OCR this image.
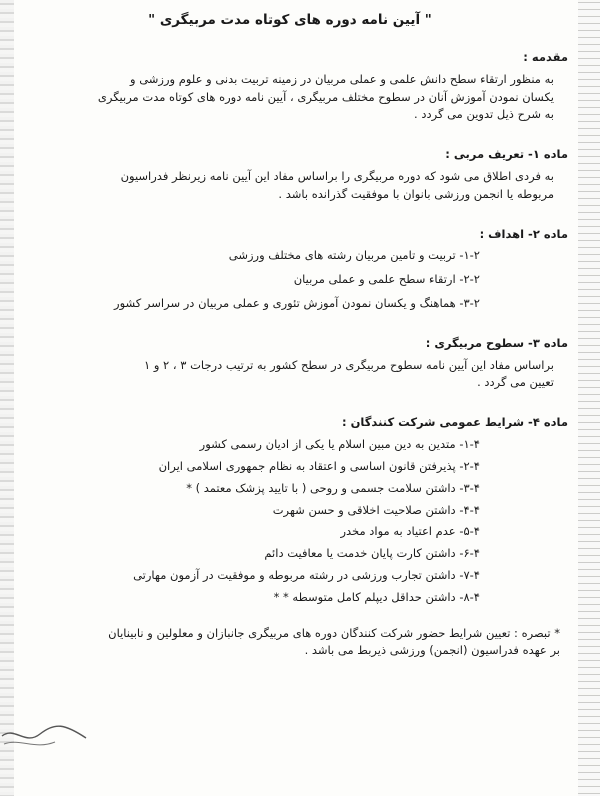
" آیین نامه دوره های کوتاه مدت مربیگری "
مقدمه :
به منظور ارتقاء سطح دانش علمی و عملی مربیان در زمینه تربیت بدنی و علوم ورزشی و
یکسان نمودن آموزش آنان در سطوح مختلف مربیگری ، آیین نامه دوره های کوتاه مدت مربیگری
به شرح ذیل تدوین می گردد .
ماده ۱- تعریف مربی :
به فردی اطلاق می شود که دوره مربیگری را براساس مفاد این آیین نامه زیرنظر فدراسیون
مربوطه یا انجمن ورزشی بانوان با موفقیت گذرانده باشد .
ماده ۲- اهداف :
۱-۲- تربیت و تامین مربیان رشته های مختلف ورزشی
۲-۲- ارتقاء سطح علمی و عملی مربیان
۳-۲- هماهنگ و یکسان نمودن آموزش تئوری و عملی مربیان در سراسر کشور
ماده ۳- سطوح مربیگری :
براساس مفاد این آیین نامه سطوح مربیگری در سطح کشور به ترتیب درجات ۳ ، ۲ و ۱
تعیین می گردد .
ماده ۴- شرایط عمومی شرکت کنندگان :
۱-۴- متدین به دین مبین اسلام یا یکی از ادیان رسمی کشور
۲-۴- پذیرفتن قانون اساسی و اعتقاد به نظام جمهوری اسلامی ایران
۳-۴- داشتن سلامت جسمی و روحی ( با تایید پزشک معتمد ) *
۴-۴- داشتن صلاحیت اخلاقی و حسن شهرت
۵-۴- عدم اعتیاد به مواد مخدر
۶-۴- داشتن کارت پایان خدمت یا معافیت دائم
۷-۴- داشتن تجارب ورزشی در رشته مربوطه و موفقیت در آزمون مهارتی
۸-۴- داشتن حداقل دیپلم کامل متوسطه * *
* تبصره : تعیین شرایط حضور شرکت کنندگان دوره های مربیگری جانبازان و معلولین و نابینایان
بر عهده فدراسیون (انجمن) ورزشی ذیربط می باشد .
